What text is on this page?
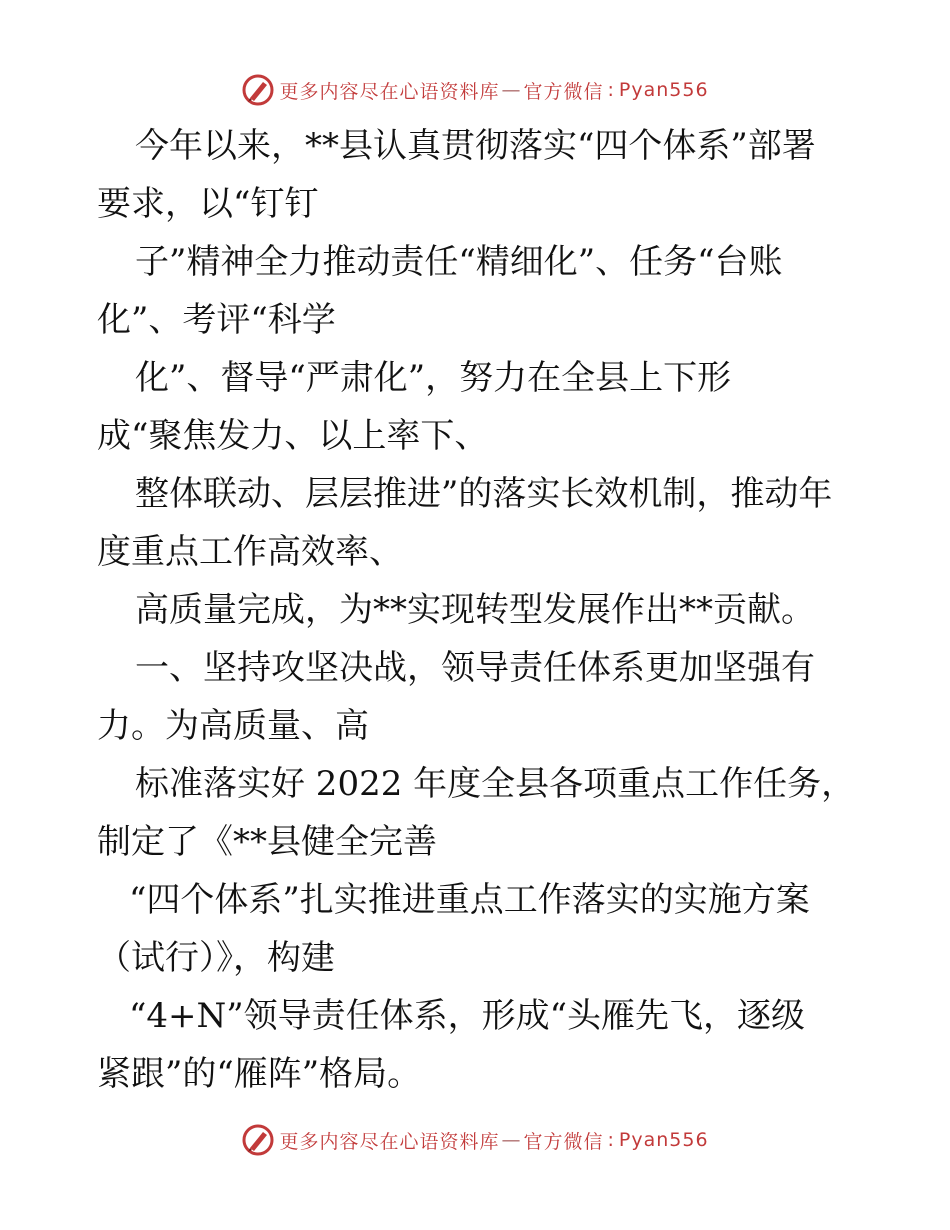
更多内容尽在心语资料库 — 官方微信 : Pyan556
今年以来，**县认真贯彻落实“四个体系”部署
要求，以“钉钉
子”精神全力推动责任“精细化”、任务“台账
化”、考评“科学
化”、督导“严肃化”，努力在全县上下形
成“聚焦发力、以上率下、
整体联动、层层推进”的落实长效机制，推动年
度重点工作高效率、
高质量完成，为**实现转型发展作出**贡献。
一、坚持攻坚决战，领导责任体系更加坚强有
力。为高质量、高
标准落实好 2022 年度全县各项重点工作任务，
制定了《**县健全完善
“四个体系”扎实推进重点工作落实的实施方案
（试行）》，构建
“4+N”领导责任体系，形成“头雁先飞，逐级
紧跟”的“雁阵”格局。
更多内容尽在心语资料库 — 官方微信 : Pyan556
